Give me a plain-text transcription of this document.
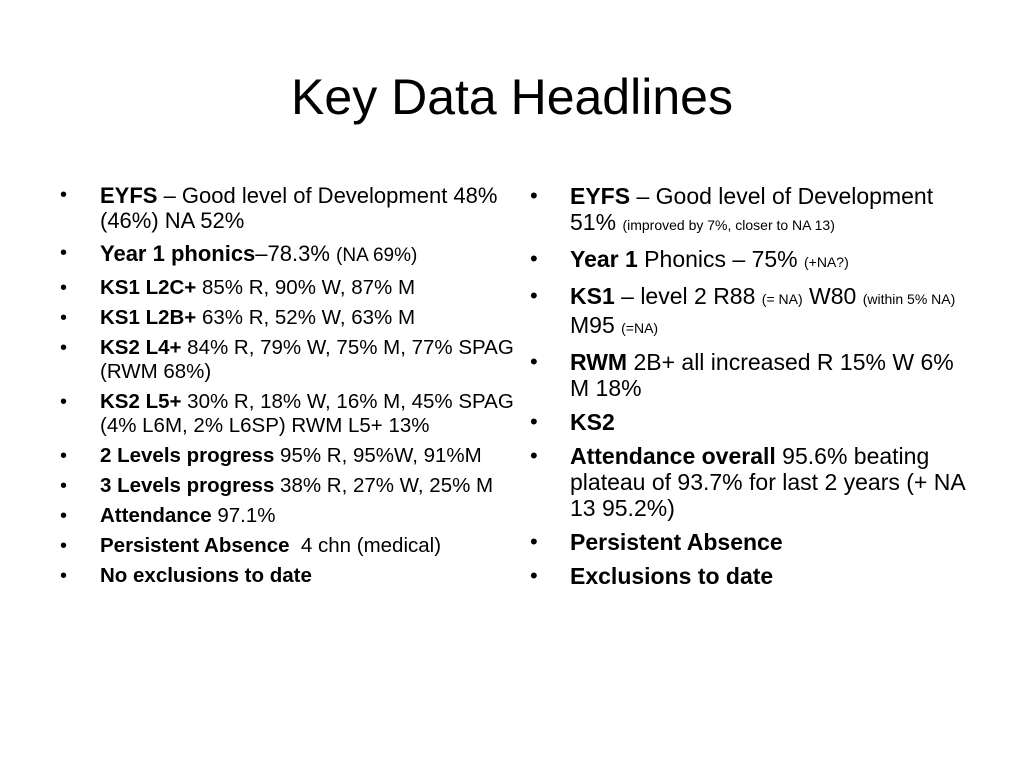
Key Data Headlines
• EYFS – Good level of Development 48% (46%) NA 52%
• Year 1 phonics–78.3% (NA 69%)
• KS1 L2C+ 85% R, 90% W, 87% M
• KS1 L2B+ 63% R, 52% W, 63% M
• KS2 L4+ 84% R, 79% W, 75% M, 77% SPAG (RWM 68%)
• KS2 L5+ 30% R, 18% W, 16% M, 45% SPAG (4% L6M, 2% L6SP) RWM L5+ 13%
• 2 Levels progress 95% R, 95%W, 91%M
• 3 Levels progress 38% R, 27% W, 25% M
• Attendance 97.1%
• Persistent Absence  4 chn (medical)
• No exclusions to date
• EYFS – Good level of Development 51% (improved by 7%, closer to NA 13)
• Year 1 Phonics – 75% (+NA?)
• KS1 – level 2 R88 (= NA) W80 (within 5% NA) M95 (=NA)
• RWM 2B+ all increased R 15% W 6% M 18%
• KS2
• Attendance overall 95.6% beating plateau of 93.7% for last 2 years (+ NA 13 95.2%)
• Persistent Absence
• Exclusions to date
